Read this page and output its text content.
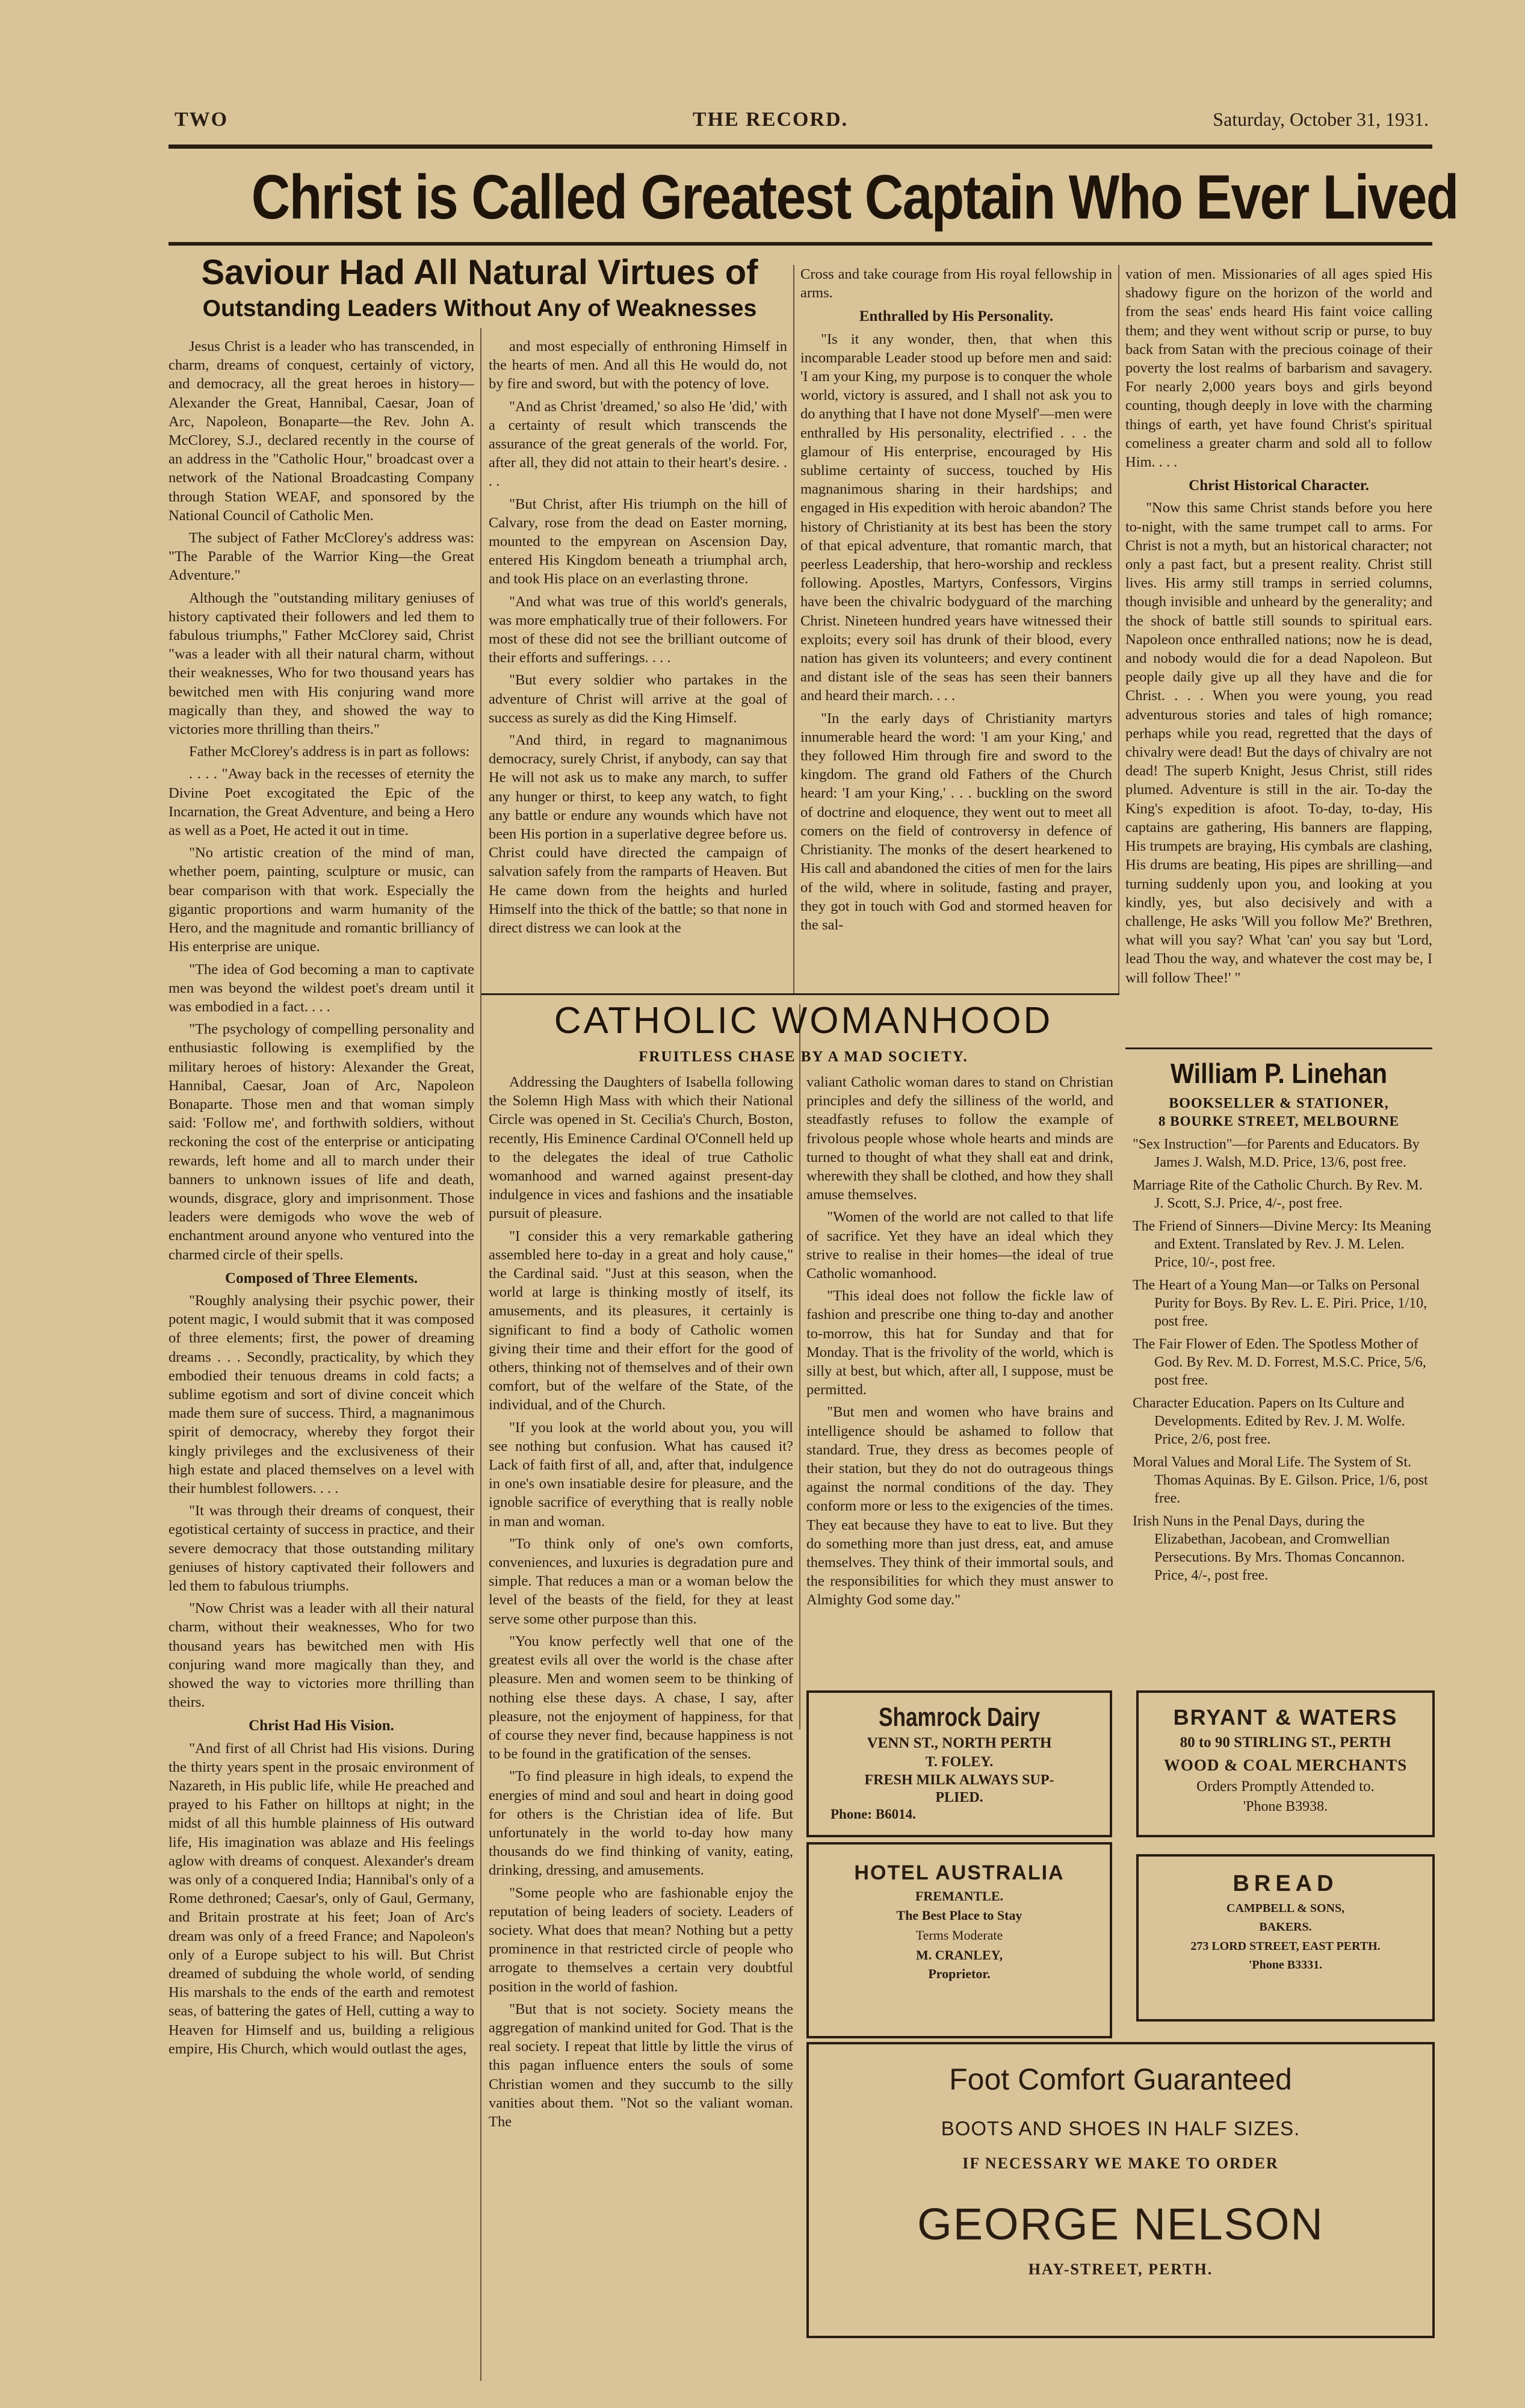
TWO	THE RECORD.	Saturday, October 31, 1931.
Christ is Called Greatest Captain Who Ever Lived
Saviour Had All Natural Virtues of
Outstanding Leaders Without Any of Weaknesses

Jesus Christ is a leader who has transcended, in charm, dreams of conquest, certainly of victory, and democracy, all the great heroes in history—Alexander the Great, Hannibal, Caesar, Joan of Arc, Napoleon, Bonaparte—the Rev. John A. McClorey, S.J., declared recently in the course of an address in the "Catholic Hour," broadcast over a network of the National Broadcasting Company through Station WEAF, and sponsored by the National Council of Catholic Men.

The subject of Father McClorey's address was: "The Parable of the Warrior King—the Great Adventure."

Although the "outstanding military geniuses of history captivated their followers and led them to fabulous triumphs," Father McClorey said, Christ "was a leader with all their natural charm, without their weaknesses, Who for two thousand years has bewitched men with His conjuring wand more magically than they, and showed the way to victories more thrilling than theirs."

Father McClorey's address is in part as follows:

. . . . "Away back in the recesses of eternity the Divine Poet excogitated the Epic of the Incarnation, the Great Adventure, and being a Hero as well as a Poet, He acted it out in time.

"No artistic creation of the mind of man, whether poem, painting, sculpture or music, can bear comparison with that work. Especially the gigantic proportions and warm humanity of the Hero, and the magnitude and romantic brilliancy of His enterprise are unique.

"The idea of God becoming a man to captivate men was beyond the wildest poet's dream until it was embodied in a fact. . . .

"The psychology of compelling personality and enthusiastic following is exemplified by the military heroes of history: Alexander the Great, Hannibal, Caesar, Joan of Arc, Napoleon Bonaparte. Those men and that woman simply said: 'Follow me', and forthwith soldiers, without reckoning the cost of the enterprise or anticipating rewards, left home and all to march under their banners to unknown issues of life and death, wounds, disgrace, glory and imprisonment. Those leaders were demigods who wove the web of enchantment around anyone who ventured into the charmed circle of their spells.

Composed of Three Elements.

"Roughly analysing their psychic power, their potent magic, I would submit that it was composed of three elements; first, the power of dreaming dreams . . . Secondly, practicality, by which they embodied their tenuous dreams in cold facts; a sublime egotism and sort of divine conceit which made them sure of success. Third, a magnanimous spirit of democracy, whereby they forgot their kingly privileges and the exclusiveness of their high estate and placed themselves on a level with their humblest followers. . . .

"It was through their dreams of conquest, their egotistical certainty of success in practice, and their severe democracy that those outstanding military geniuses of history captivated their followers and led them to fabulous triumphs.

"Now Christ was a leader with all their natural charm, without their weaknesses, Who for two thousand years has bewitched men with His conjuring wand more magically than they, and showed the way to victories more thrilling than theirs.

Christ Had His Vision.

"And first of all Christ had His visions. During the thirty years spent in the prosaic environment of Nazareth, in His public life, while He preached and prayed to his Father on hilltops at night; in the midst of all this humble plainness of His outward life, His imagination was ablaze and His feelings aglow with dreams of conquest. Alexander's dream was only of a conquered India; Hannibal's only of a Rome dethroned; Caesar's, only of Gaul, Germany, and Britain prostrate at his feet; Joan of Arc's dream was only of a freed France; and Napoleon's only of a Europe subject to his will. But Christ dreamed of subduing the whole world, of sending His marshals to the ends of the earth and remotest seas, of battering the gates of Hell, cutting a way to Heaven for Himself and us, building a religious empire, His Church, which would outlast the ages,

and most especially of enthroning Himself in the hearts of men. And all this He would do, not by fire and sword, but with the potency of love.

"And as Christ 'dreamed,' so also He 'did,' with a certainty of result which transcends the assurance of the great generals of the world. For, after all, they did not attain to their heart's desire. . . .

"But Christ, after His triumph on the hill of Calvary, rose from the dead on Easter morning, mounted to the empyrean on Ascension Day, entered His Kingdom beneath a triumphal arch, and took His place on an everlasting throne.

"And what was true of this world's generals, was more emphatically true of their followers. For most of these did not see the brilliant outcome of their efforts and sufferings. . . .

"But every soldier who partakes in the adventure of Christ will arrive at the goal of success as surely as did the King Himself.

"And third, in regard to magnanimous democracy, surely Christ, if anybody, can say that He will not ask us to make any march, to suffer any hunger or thirst, to keep any watch, to fight any battle or endure any wounds which have not been His portion in a superlative degree before us. Christ could have directed the campaign of salvation safely from the ramparts of Heaven. But He came down from the heights and hurled Himself into the thick of the battle; so that none in direct distress we can look at the

Cross and take courage from His royal fellowship in arms.

Enthralled by His Personality.

"Is it any wonder, then, that when this incomparable Leader stood up before men and said: 'I am your King, my purpose is to conquer the whole world, victory is assured, and I shall not ask you to do anything that I have not done Myself'—men were enthralled by His personality, electrified . . . the glamour of His enterprise, encouraged by His sublime certainty of success, touched by His magnanimous sharing in their hardships; and engaged in His expedition with heroic abandon? The history of Christianity at its best has been the story of that epical adventure, that romantic march, that peerless Leadership, that hero-worship and reckless following. Apostles, Martyrs, Confessors, Virgins have been the chivalric bodyguard of the marching Christ. Nineteen hundred years have witnessed their exploits; every soil has drunk of their blood, every nation has given its volunteers; and every continent and distant isle of the seas has seen their banners and heard their march. . . .

"In the early days of Christianity martyrs innumerable heard the word: 'I am your King,' and they followed Him through fire and sword to the kingdom. The grand old Fathers of the Church heard: 'I am your King,' . . . buckling on the sword of doctrine and eloquence, they went out to meet all comers on the field of controversy in defence of Christianity. The monks of the desert hearkened to His call and abandoned the cities of men for the lairs of the wild, where in solitude, fasting and prayer, they got in touch with God and stormed heaven for the sal-

vation of men. Missionaries of all ages spied His shadowy figure on the horizon of the world and from the seas' ends heard His faint voice calling them; and they went without scrip or purse, to buy back from Satan with the precious coinage of their poverty the lost realms of barbarism and savagery. For nearly 2,000 years boys and girls beyond counting, though deeply in love with the charming things of earth, yet have found Christ's spiritual comeliness a greater charm and sold all to follow Him. . . .

Christ Historical Character.

"Now this same Christ stands before you here to-night, with the same trumpet call to arms. For Christ is not a myth, but an historical character; not only a past fact, but a present reality. Christ still lives. His army still tramps in serried columns, though invisible and unheard by the generality; and the shock of battle still sounds to spiritual ears. Napoleon once enthralled nations; now he is dead, and nobody would die for a dead Napoleon. But people daily give up all they have and die for Christ. . . . When you were young, you read adventurous stories and tales of high romance; perhaps while you read, regretted that the days of chivalry were dead! But the days of chivalry are not dead! The superb Knight, Jesus Christ, still rides plumed. Adventure is still in the air. To-day the King's expedition is afoot. To-day, to-day, His captains are gathering, His banners are flapping, His trumpets are braying, His cymbals are clashing, His drums are beating, His pipes are shrilling—and turning suddenly upon you, and looking at you kindly, yes, but also decisively and with a challenge, He asks 'Will you follow Me?' Brethren, what will you say? What 'can' you say but 'Lord, lead Thou the way, and whatever the cost may be, I will follow Thee!' "

CATHOLIC WOMANHOOD
FRUITLESS CHASE BY A MAD SOCIETY.

Addressing the Daughters of Isabella following the Solemn High Mass with which their National Circle was opened in St. Cecilia's Church, Boston, recently, His Eminence Cardinal O'Connell held up to the delegates the ideal of true Catholic womanhood and warned against present-day indulgence in vices and fashions and the insatiable pursuit of pleasure.

"I consider this a very remarkable gathering assembled here to-day in a great and holy cause," the Cardinal said. "Just at this season, when the world at large is thinking mostly of itself, its amusements, and its pleasures, it certainly is significant to find a body of Catholic women giving their time and their effort for the good of others, thinking not of themselves and of their own comfort, but of the welfare of the State, of the individual, and of the Church.

"If you look at the world about you, you will see nothing but confusion. What has caused it? Lack of faith first of all, and, after that, indulgence in one's own insatiable desire for pleasure, and the ignoble sacrifice of everything that is really noble in man and woman.

"To think only of one's own comforts, conveniences, and luxuries is degradation pure and simple. That reduces a man or a woman below the level of the beasts of the field, for they at least serve some other purpose than this.

"You know perfectly well that one of the greatest evils all over the world is the chase after pleasure. Men and women seem to be thinking of nothing else these days. A chase, I say, after pleasure, not the enjoyment of happiness, for that of course they never find, because happiness is not to be found in the gratification of the senses.

"To find pleasure in high ideals, to expend the energies of mind and soul and heart in doing good for others is the Christian idea of life. But unfortunately in the world to-day how many thousands do we find thinking of vanity, eating, drinking, dressing, and amusements.

"Some people who are fashionable enjoy the reputation of being leaders of society. Leaders of society. What does that mean? Nothing but a petty prominence in that restricted circle of people who arrogate to themselves a certain very doubtful position in the world of fashion.

"But that is not society. Society means the aggregation of mankind united for God. That is the real society. I repeat that little by little the virus of this pagan influence enters the souls of some Christian women and they succumb to the silly vanities about them. "Not so the valiant woman. The

valiant Catholic woman dares to stand on Christian principles and defy the silliness of the world, and steadfastly refuses to follow the example of frivolous people whose whole hearts and minds are turned to thought of what they shall eat and drink, wherewith they shall be clothed, and how they shall amuse themselves.

"Women of the world are not called to that life of sacrifice. Yet they have an ideal which they strive to realise in their homes—the ideal of true Catholic womanhood.

"This ideal does not follow the fickle law of fashion and prescribe one thing to-day and another to-morrow, this hat for Sunday and that for Monday. That is the frivolity of the world, which is silly at best, but which, after all, I suppose, must be permitted.

"But men and women who have brains and intelligence should be ashamed to follow that standard. True, they dress as becomes people of their station, but they do not do outrageous things against the normal conditions of the day. They conform more or less to the exigencies of the times. They eat because they have to eat to live. But they do something more than just dress, eat, and amuse themselves. They think of their immortal souls, and the responsibilities for which they must answer to Almighty God some day."

William P. Linehan
BOOKSELLER & STATIONER,
8 BOURKE STREET, MELBOURNE

"Sex Instruction"—for Parents and Educators. By James J. Walsh, M.D. Price, 13/6, post free.

Marriage Rite of the Catholic Church. By Rev. M. J. Scott, S.J. Price, 4/-, post free.

The Friend of Sinners—Divine Mercy: Its Meaning and Extent. Translated by Rev. J. M. Lelen. Price, 10/-, post free.

The Heart of a Young Man—or Talks on Personal Purity for Boys. By Rev. L. E. Piri. Price, 1/10, post free.

The Fair Flower of Eden. The Spotless Mother of God. By Rev. M. D. Forrest, M.S.C. Price, 5/6, post free.

Character Education. Papers on Its Culture and Developments. Edited by Rev. J. M. Wolfe. Price, 2/6, post free.

Moral Values and Moral Life. The System of St. Thomas Aquinas. By E. Gilson. Price, 1/6, post free.

Irish Nuns in the Penal Days, during the Elizabethan, Jacobean, and Cromwellian Persecutions. By Mrs. Thomas Concannon. Price, 4/-, post free.

Shamrock Dairy
VENN ST., NORTH PERTH
T. FOLEY.
FRESH MILK ALWAYS SUP-
PLIED.
Phone: B6014.
BRYANT & WATERS
80 to 90 STIRLING ST., PERTH
WOOD & COAL MERCHANTS
Orders Promptly Attended to.
'Phone B3938.
HOTEL AUSTRALIA
FREMANTLE.
The Best Place to Stay
Terms Moderate
M. CRANLEY,
Proprietor.
BREAD
CAMPBELL & SONS,
BAKERS.
273 LORD STREET, EAST PERTH.
'Phone B3331.
Foot Comfort Guaranteed
BOOTS AND SHOES IN HALF SIZES.
IF NECESSARY WE MAKE TO ORDER
GEORGE NELSON
HAY-STREET, PERTH.
